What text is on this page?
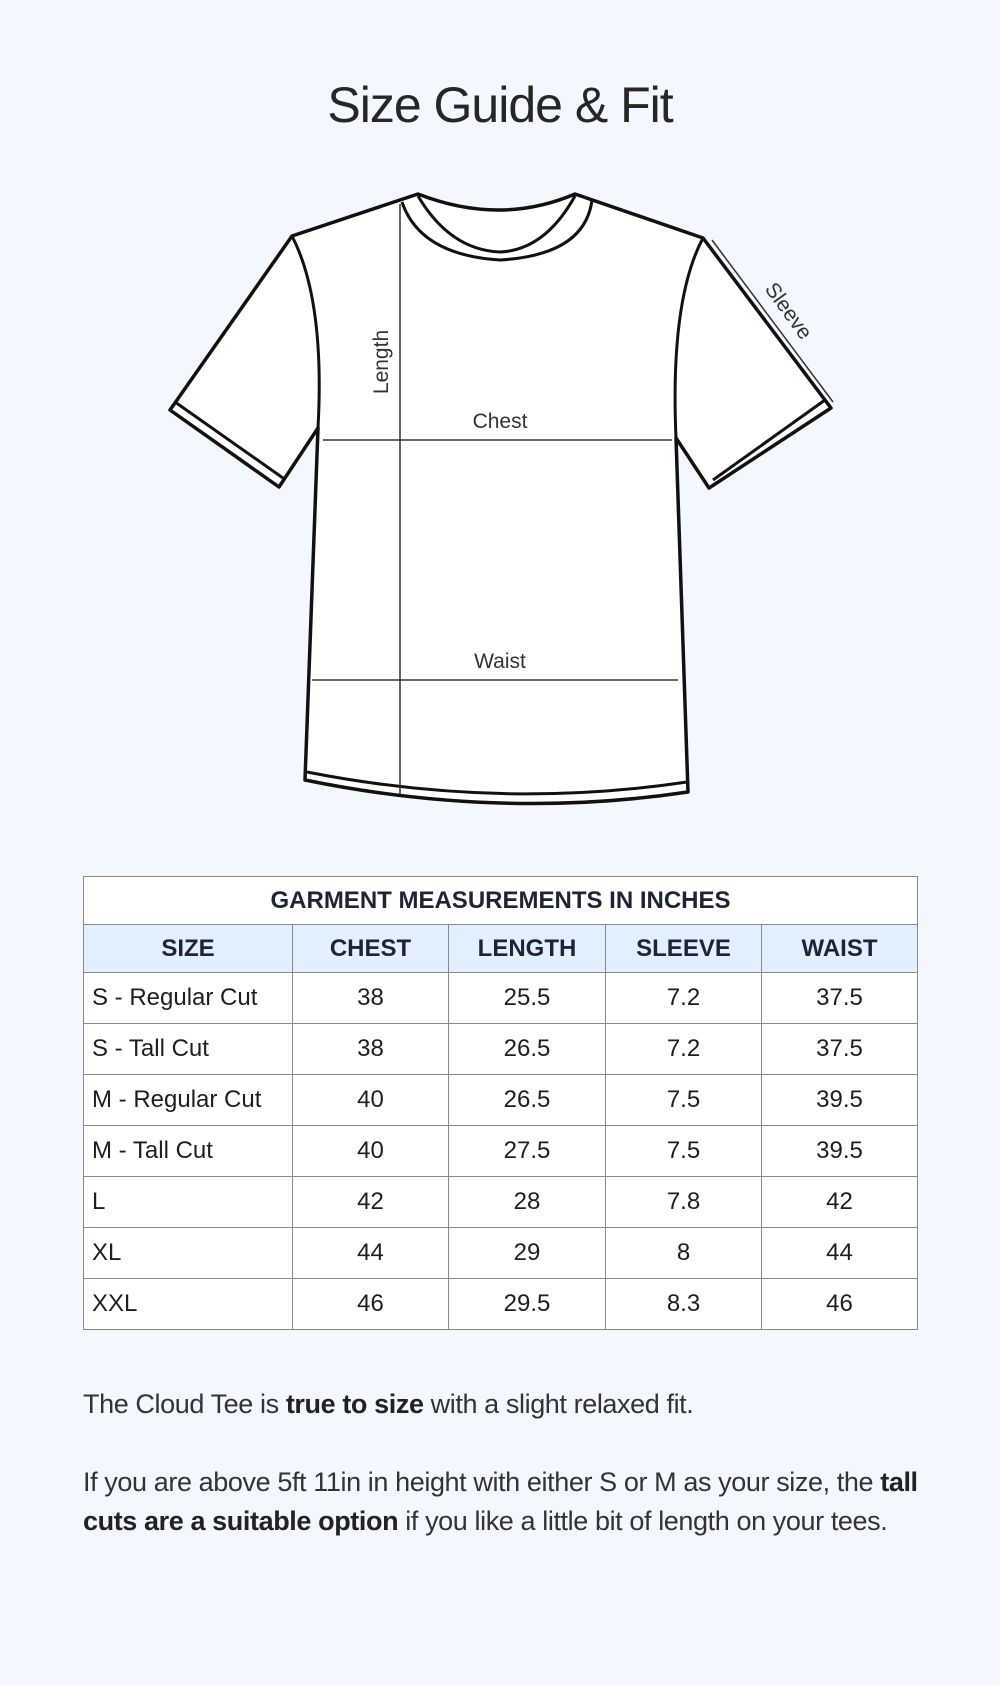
Size Guide & Fit
Length
Chest
Waist
Sleeve
GARMENT MEASUREMENTS IN INCHES				
SIZE	CHEST	LENGTH	SLEEVE	WAIST
S - Regular Cut	38	25.5	7.2	37.5
S - Tall Cut	38	26.5	7.2	37.5
M - Regular Cut	40	26.5	7.5	39.5
M - Tall Cut	40	27.5	7.5	39.5
L	42	28	7.8	42
XL	44	29	8	44
XXL	46	29.5	8.3	46

The Cloud Tee is true to size with a slight relaxed fit.

If you are above 5ft 11in in height with either S or M as your size, the tall cuts are a suitable option if you like a little bit of length on your tees.
